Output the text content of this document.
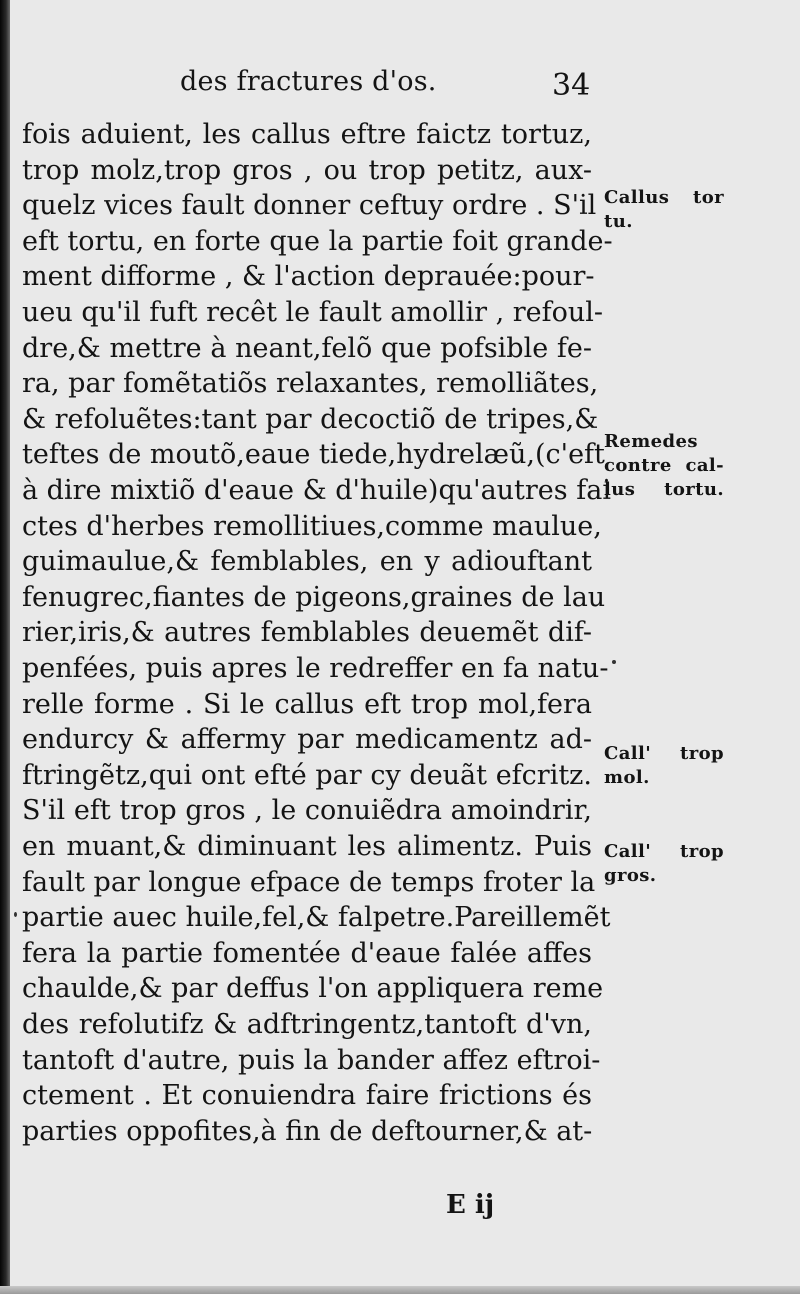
des fractures d'os.	34
fois aduient, les callus eftre faictz tortuz,
trop molz,trop gros , ou trop petitz, aux-
quelz vices fault donner ceftuy ordre . S'il
eft tortu, en forte que la partie foit grande-
ment difforme , & l'action deprauée:pour-
ueu qu'il fuft recêt le fault amollir , refoul-
dre,& mettre à neant,felõ que pofsible fe-
ra, par fomẽtatiõs relaxantes, remolliãtes,
& refoluẽtes:tant par decoctiõ de tripes,&
teftes de moutõ,eaue tiede,hydrelæũ,(c'eft
à dire mixtiõ d'eaue & d'huile)qu'autres fai
ctes d'herbes remollitiues,comme maulue,
guimaulue,& femblables, en y adiouftant
fenugrec,fiantes de pigeons,graines de lau
rier,iris,& autres femblables deuemẽt dif-
penfées, puis apres le redreffer en fa natu-
relle forme . Si le callus eft trop mol,fera
endurcy & affermy par medicamentz ad-
ftringẽtz,qui ont efté par cy deuãt efcritz.
S'il eft trop gros , le conuiẽdra amoindrir,
en muant,& diminuant les alimentz. Puis
fault par longue efpace de temps froter la
partie auec huile,fel,& falpetre.Pareillemẽt
fera la partie fomentée d'eaue falée affes
chaulde,& par deffus l'on appliquera reme
des refolutifz & adftringentz,tantoft d'vn,
tantoft d'autre, puis la bander affez eftroi-
ctement . Et conuiendra faire frictions és
parties oppofites,à fin de deftourner,& at-
Callus tor
tu.
Remedes
contre cal-
lus tortu.
Call' trop
mol.
Call' trop
gros.
E ij
